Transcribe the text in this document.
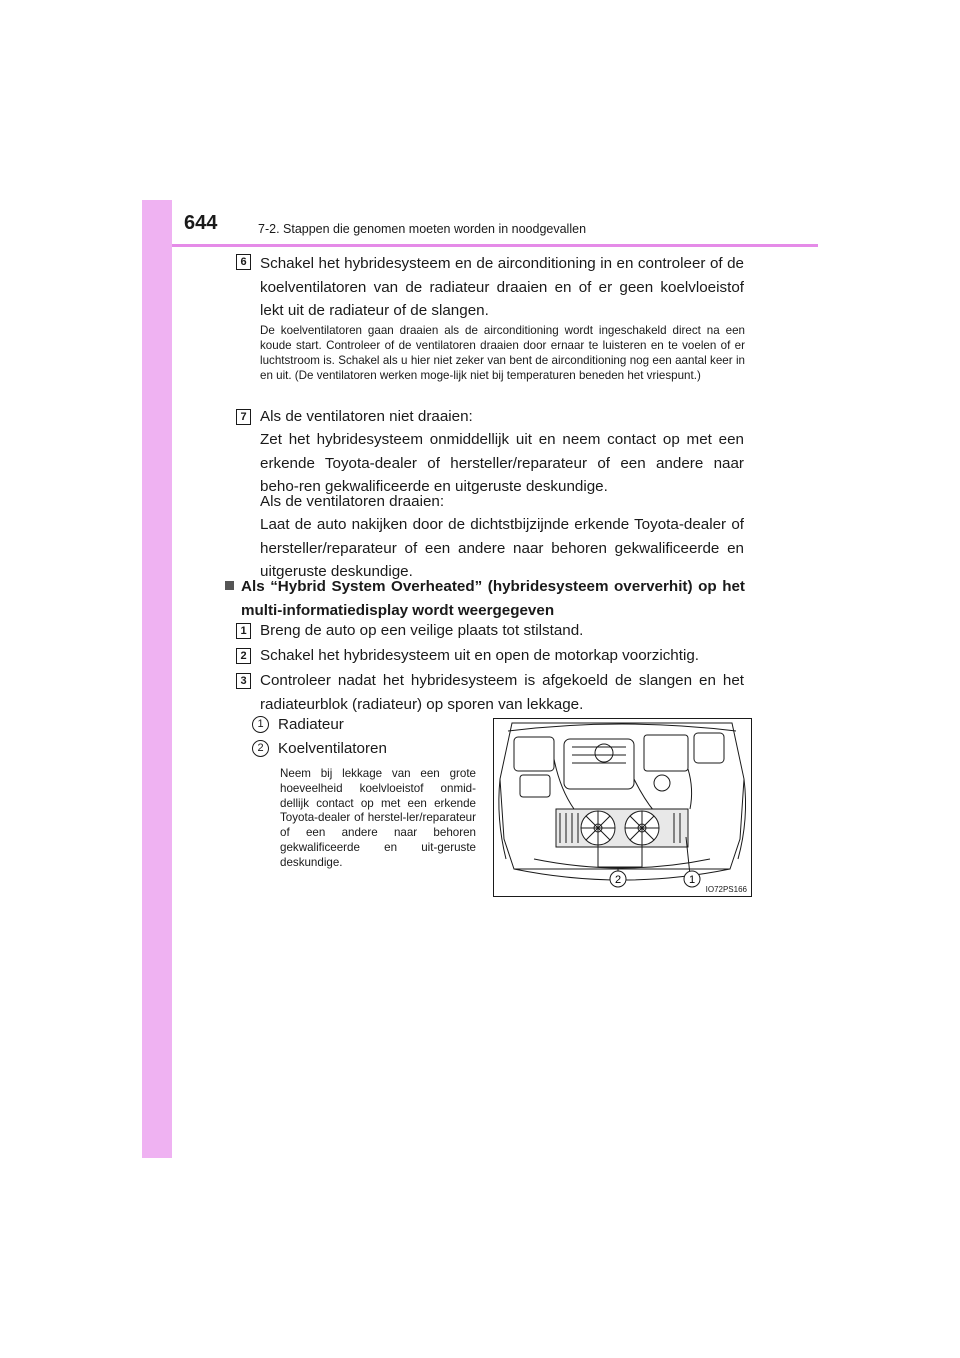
644	7-2. Stappen die genomen moeten worden in noodgevallen
6 Schakel het hybridesysteem en de airconditioning in en controleer of de koelventilatoren van de radiateur draaien en of er geen koelvloeistof lekt uit de radiateur of de slangen.
De koelventilatoren gaan draaien als de airconditioning wordt ingeschakeld direct na een koude start. Controleer of de ventilatoren draaien door ernaar te luisteren en te voelen of er luchtstroom is. Schakel als u hier niet zeker van bent de airconditioning nog een aantal keer in en uit. (De ventilatoren werken moge-lijk niet bij temperaturen beneden het vriespunt.)
7 Als de ventilatoren niet draaien:
Zet het hybridesysteem onmiddellijk uit en neem contact op met een erkende Toyota-dealer of hersteller/reparateur of een andere naar beho-ren gekwalificeerde en uitgeruste deskundige.
Als de ventilatoren draaien:
Laat de auto nakijken door de dichtstbijzijnde erkende Toyota-dealer of hersteller/reparateur of een andere naar behoren gekwalificeerde en uitgeruste deskundige.
Als “Hybrid System Overheated” (hybridesysteem oververhit) op het multi-informatiedisplay wordt weergegeven
1 Breng de auto op een veilige plaats tot stilstand.
2 Schakel het hybridesysteem uit en open de motorkap voorzichtig.
3 Controleer nadat het hybridesysteem is afgekoeld de slangen en het radiateurblok (radiateur) op sporen van lekkage.
1 Radiateur
2 Koelventilatoren
Neem bij lekkage van een grote hoeveelheid koelvloeistof onmid-dellijk contact op met een erkende Toyota-dealer of herstel-ler/reparateur of een andere naar behoren gekwalificeerde en uit-geruste deskundige.
2	1
IO72PS166
